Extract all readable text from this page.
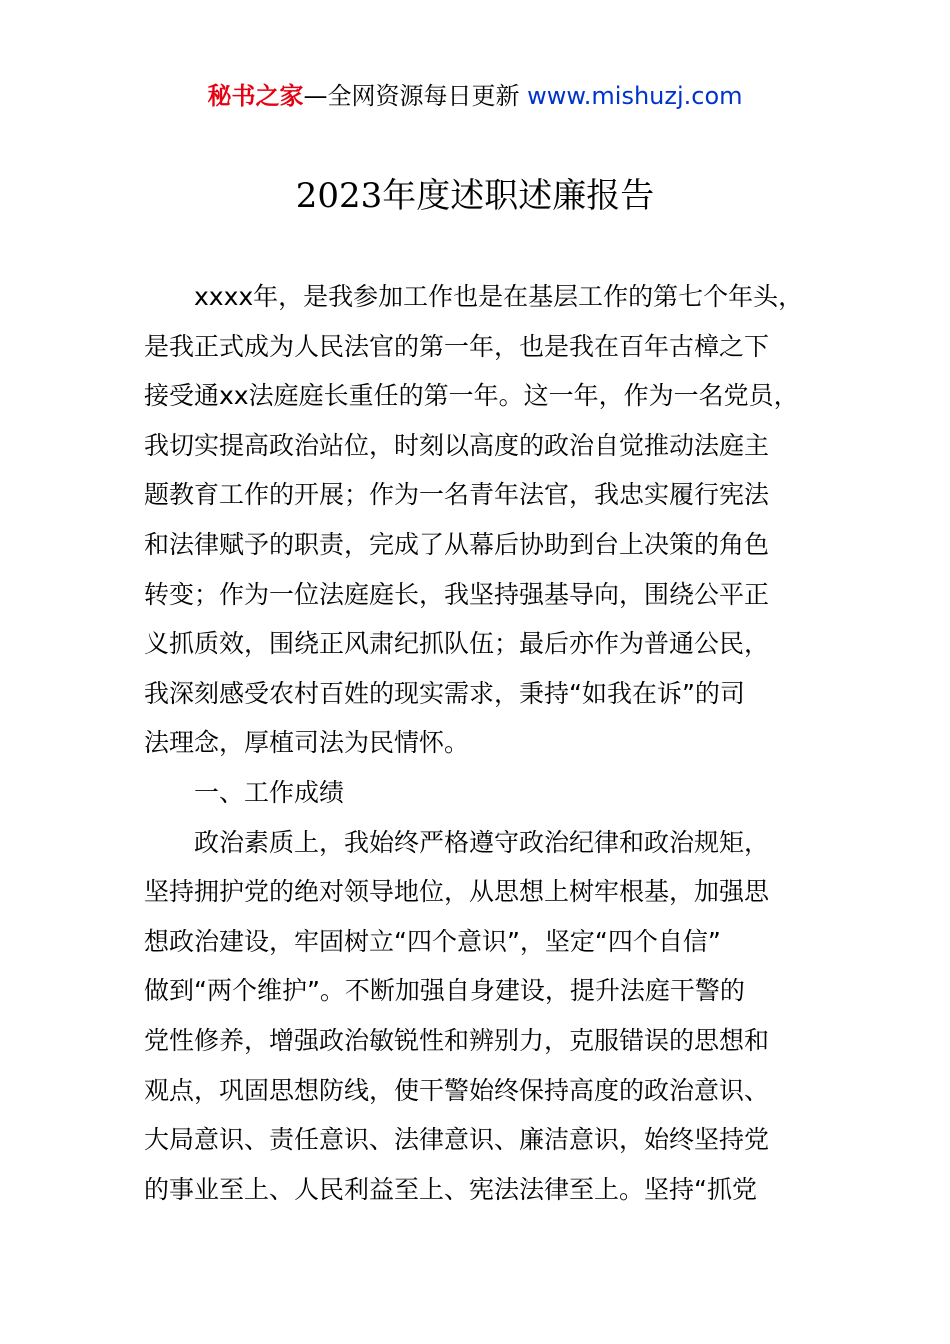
秘书之家—全网资源每日更新 www.mishuzj.com
2023年度述职述廉报告
xxxx年，是我参加工作也是在基层工作的第七个年头，
是我正式成为人民法官的第一年，也是我在百年古樟之下
接受通xx法庭庭长重任的第一年。这一年，作为一名党员，
我切实提高政治站位，时刻以高度的政治自觉推动法庭主
题教育工作的开展；作为一名青年法官，我忠实履行宪法
和法律赋予的职责，完成了从幕后协助到台上决策的角色
转变；作为一位法庭庭长，我坚持强基导向，围绕公平正
义抓质效，围绕正风肃纪抓队伍；最后亦作为普通公民，
我深刻感受农村百姓的现实需求，秉持“如我在诉”的司
法理念，厚植司法为民情怀。
一、工作成绩
政治素质上，我始终严格遵守政治纪律和政治规矩，
坚持拥护党的绝对领导地位，从思想上树牢根基，加强思
想政治建设，牢固树立“四个意识”，坚定“四个自信”
做到“两个维护”。不断加强自身建设，提升法庭干警的
党性修养，增强政治敏锐性和辨别力，克服错误的思想和
观点，巩固思想防线，使干警始终保持高度的政治意识、
大局意识、责任意识、法律意识、廉洁意识，始终坚持党
的事业至上、人民利益至上、宪法法律至上。坚持“抓党
